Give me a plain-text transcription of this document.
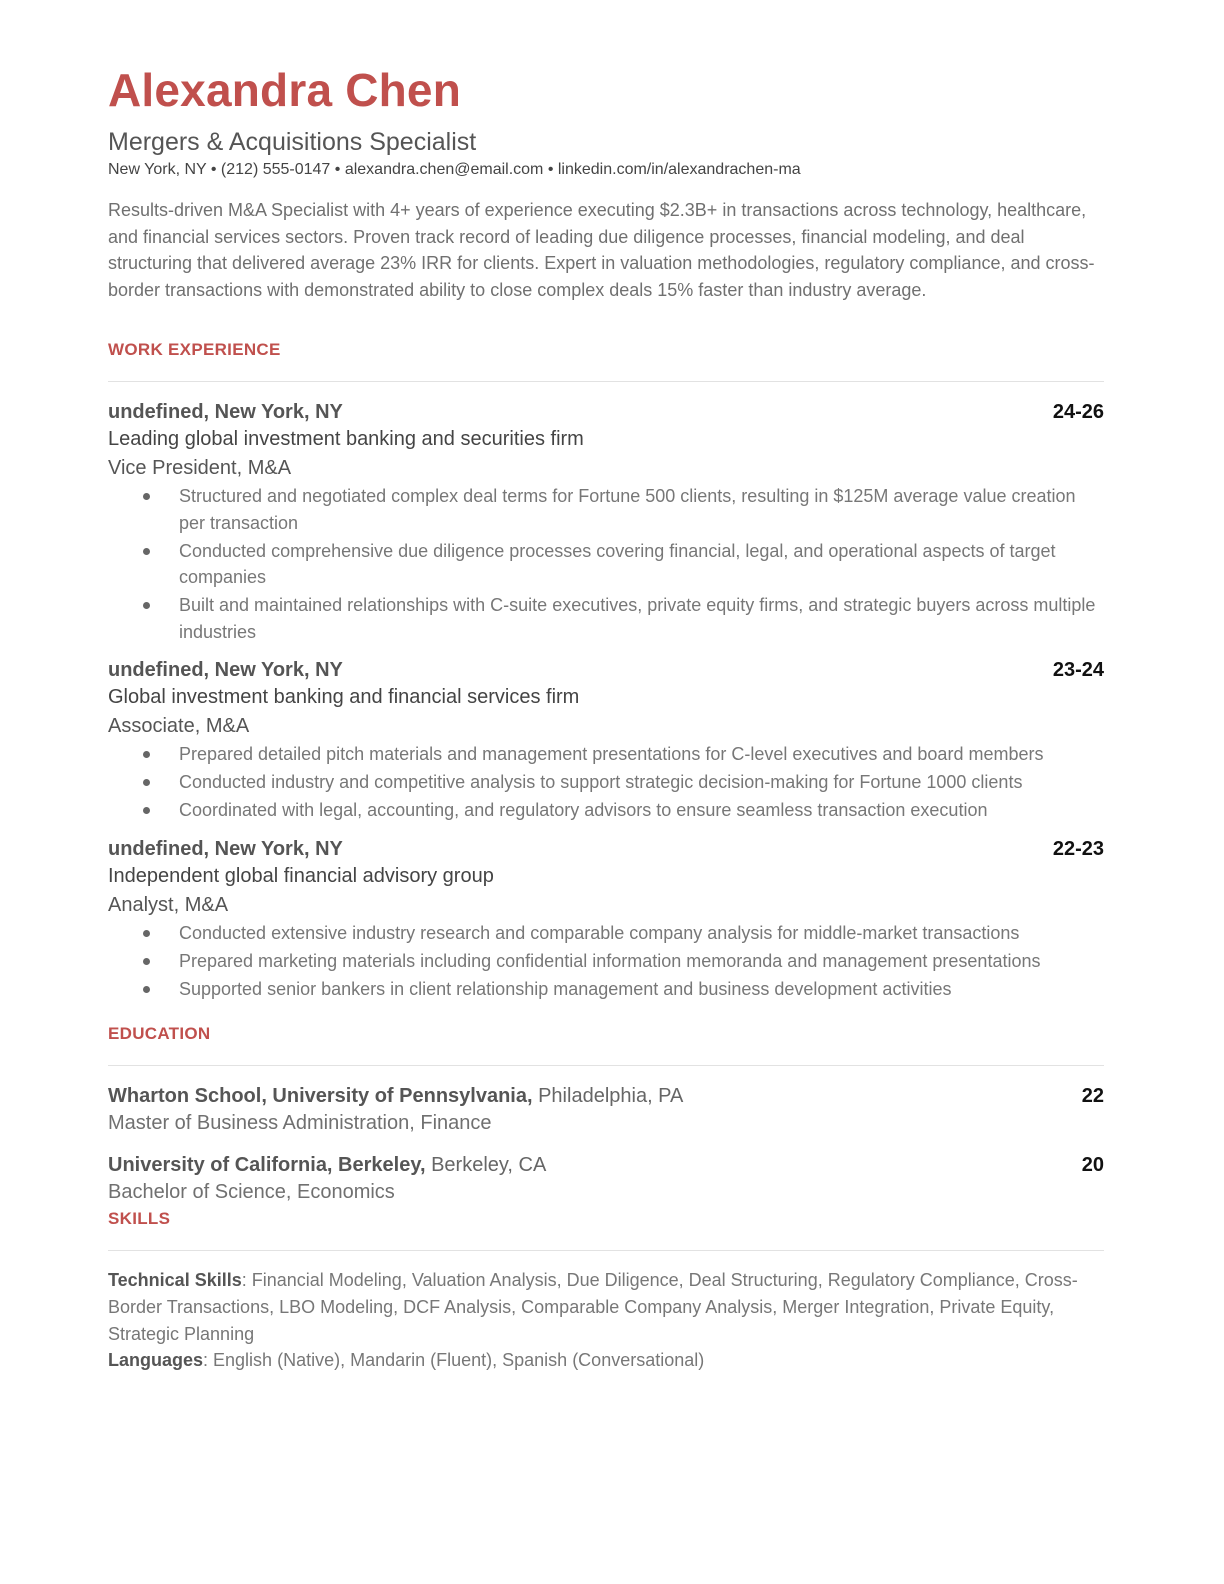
Alexandra Chen
Mergers & Acquisitions Specialist
New York, NY • (212) 555-0147 • alexandra.chen@email.com • linkedin.com/in/alexandrachen-ma
Results-driven M&A Specialist with 4+ years of experience executing $2.3B+ in transactions across technology, healthcare, and financial services sectors. Proven track record of leading due diligence processes, financial modeling, and deal structuring that delivered average 23% IRR for clients. Expert in valuation methodologies, regulatory compliance, and cross-border transactions with demonstrated ability to close complex deals 15% faster than industry average.
WORK EXPERIENCE
undefined, New York, NY	24-26
Leading global investment banking and securities firm
Vice President, M&A
Structured and negotiated complex deal terms for Fortune 500 clients, resulting in $125M average value creation per transaction
Conducted comprehensive due diligence processes covering financial, legal, and operational aspects of target companies
Built and maintained relationships with C-suite executives, private equity firms, and strategic buyers across multiple industries
undefined, New York, NY	23-24
Global investment banking and financial services firm
Associate, M&A
Prepared detailed pitch materials and management presentations for C-level executives and board members
Conducted industry and competitive analysis to support strategic decision-making for Fortune 1000 clients
Coordinated with legal, accounting, and regulatory advisors to ensure seamless transaction execution
undefined, New York, NY	22-23
Independent global financial advisory group
Analyst, M&A
Conducted extensive industry research and comparable company analysis for middle-market transactions
Prepared marketing materials including confidential information memoranda and management presentations
Supported senior bankers in client relationship management and business development activities
EDUCATION
Wharton School, University of Pennsylvania, Philadelphia, PA	22
Master of Business Administration, Finance
University of California, Berkeley, Berkeley, CA	20
Bachelor of Science, Economics
SKILLS

Technical Skills: Financial Modeling, Valuation Analysis, Due Diligence, Deal Structuring, Regulatory Compliance, Cross-Border Transactions, LBO Modeling, DCF Analysis, Comparable Company Analysis, Merger Integration, Private Equity, Strategic Planning

Languages: English (Native), Mandarin (Fluent), Spanish (Conversational)
